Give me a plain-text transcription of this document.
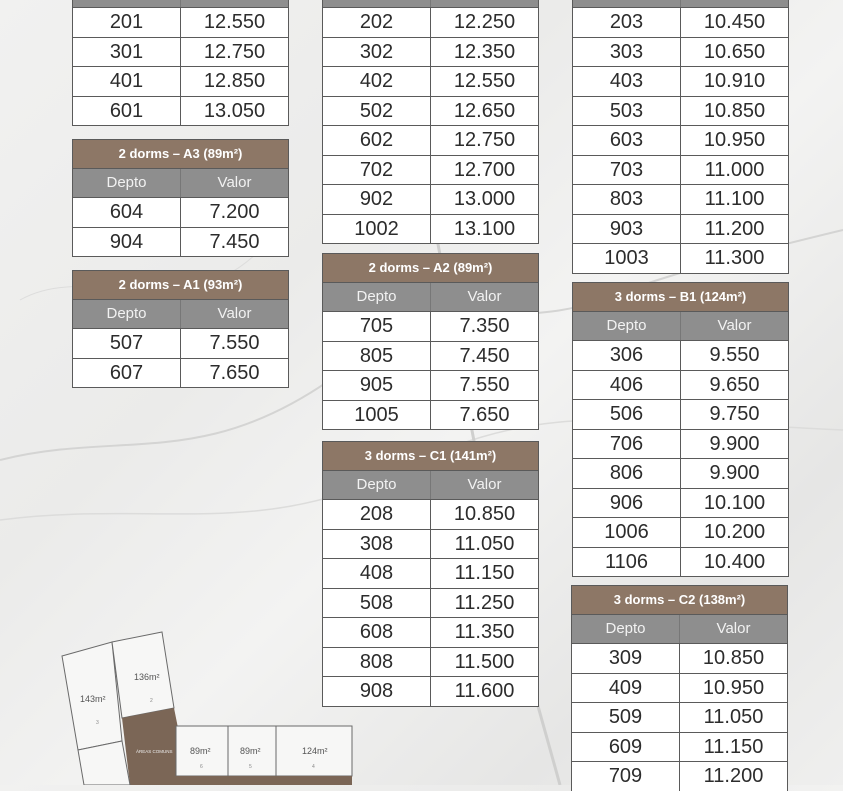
201	12.550
301	12.750
401	12.850
601	13.050
202	12.250
302	12.350
402	12.550
502	12.650
602	12.750
702	12.700
902	13.000
1002	13.100
203	10.450
303	10.650
403	10.910
503	10.850
603	10.950
703	11.000
803	11.100
903	11.200
1003	11.300
2 dorms – A3 (89m²)
Depto	Valor
604	7.200
904	7.450
2 dorms – A1 (93m²)
Depto	Valor
507	7.550
607	7.650
2 dorms – A2 (89m²)
Depto	Valor
705	7.350
805	7.450
905	7.550
1005	7.650
3 dorms – C1 (141m²)
Depto	Valor
208	10.850
308	11.050
408	11.150
508	11.250
608	11.350
808	11.500
908	11.600
3 dorms – B1 (124m²)
Depto	Valor
306	9.550
406	9.650
506	9.750
706	9.900
806	9.900
906	10.100
1006	10.200
1106	10.400
3 dorms – C2 (138m²)
Depto	Valor
309	10.850
409	10.950
509	11.050
609	11.150
709	11.200
143m²
3
136m²
2
ÁREAS COMUNS 89m²
6
89m²
5
124m²
4
